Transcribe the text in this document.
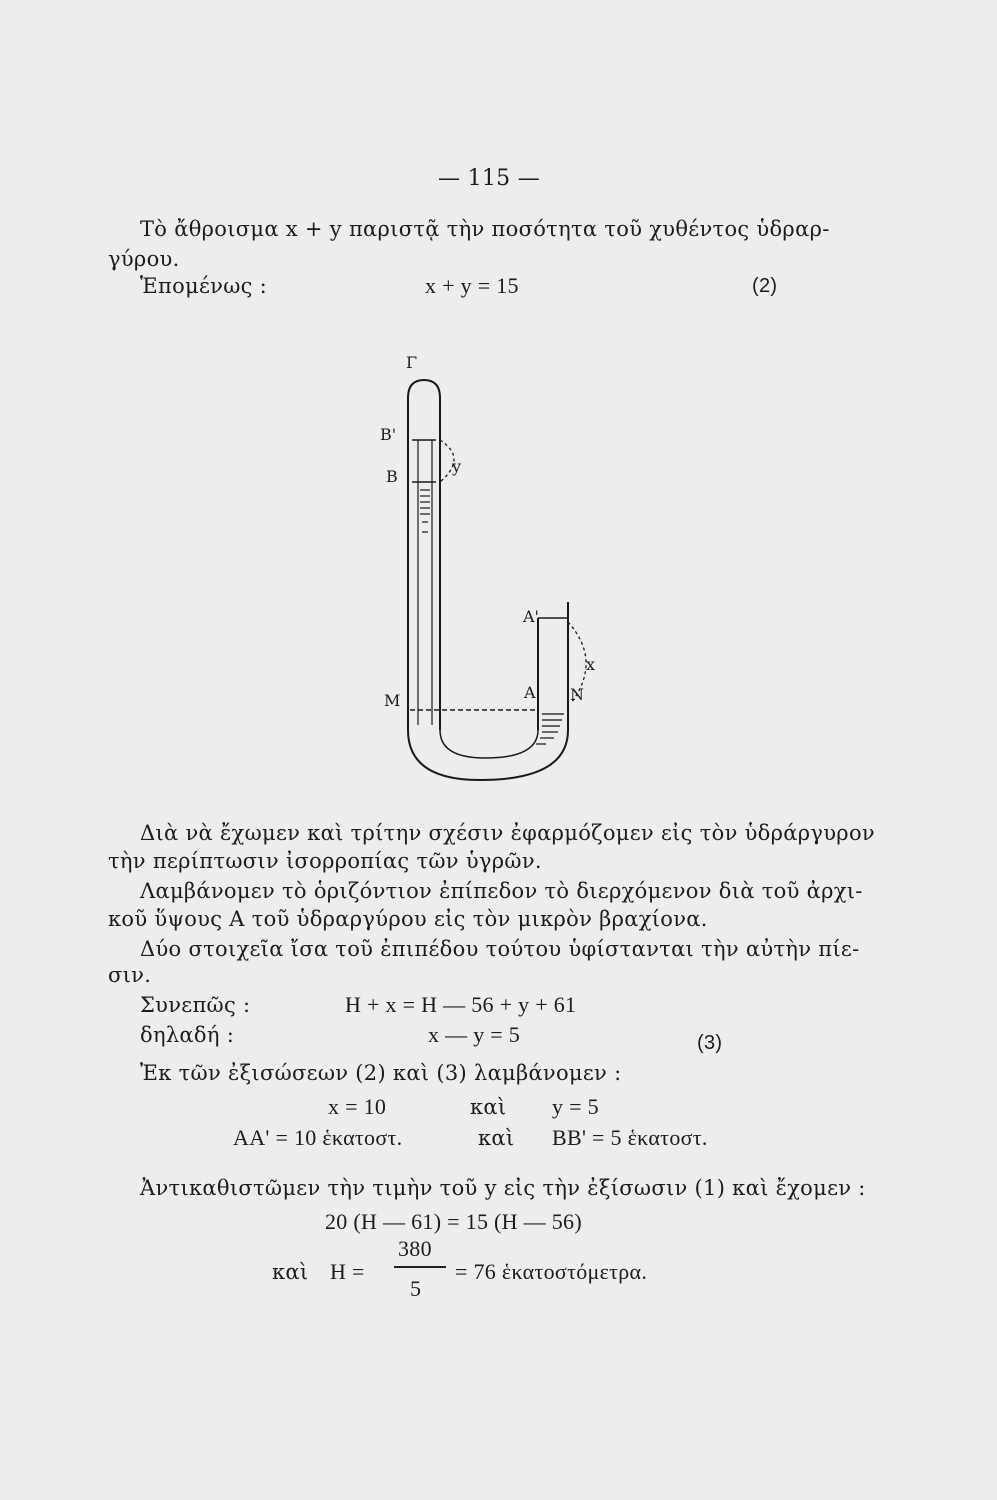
— 115 —
Τὸ ἄθροισμα x + y παριστᾷ τὴν ποσότητα τοῦ χυθέντος ὑδραρ-
γύρου.
Ἑπομένως :	x + y = 15	(2)
Γ
Β'
Β
y
Α'
x
Μ	Α Ν
Διὰ νὰ ἔχωμεν καὶ τρίτην σχέσιν ἐφαρμόζομεν εἰς τὸν ὑδράργυρον
τὴν περίπτωσιν ἰσορροπίας τῶν ὑγρῶν.
Λαμβάνομεν τὸ ὁριζόντιον ἐπίπεδον τὸ διερχόμενον διὰ τοῦ ἀρχι-
κοῦ ὕψους Α τοῦ ὑδραργύρου εἰς τὸν μικρὸν βραχίονα.
Δύο στοιχεῖα ἴσα τοῦ ἐπιπέδου τούτου ὑφίστανται τὴν αὐτὴν πίε-
σιν.
Συνεπῶς :	H + x = H — 56 + y + 61
δηλαδή :	x — y = 5	(3)
Ἐκ τῶν ἐξισώσεων (2) καὶ (3) λαμβάνομεν :
x = 10	καὶ y = 5
ΑΑ' = 10 ἑκατοστ.	καὶ ΒΒ' = 5 ἑκατοστ.
Ἀντικαθιστῶμεν τὴν τιμὴν τοῦ y εἰς τὴν ἐξίσωσιν (1) καὶ ἔχομεν :
20 (H — 61) = 15 (H — 56)
καὶ H =
380
5
= 76 ἑκατοστόμετρα.
